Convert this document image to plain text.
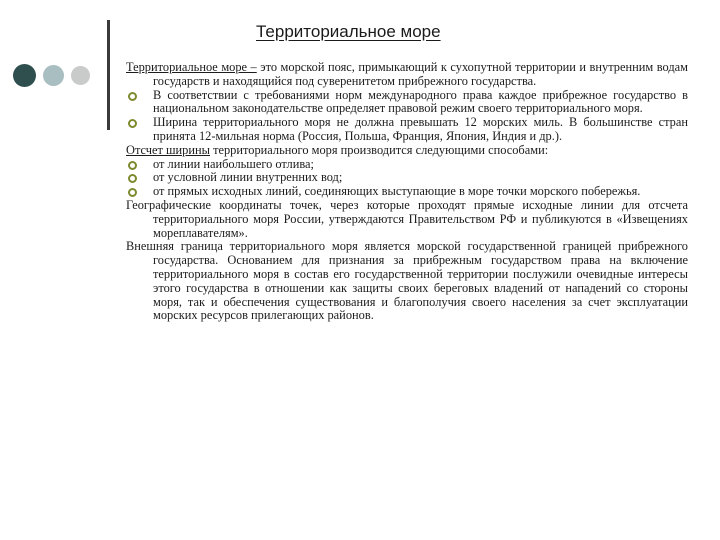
Территориальное море

Территориальное море – это морской пояс, примыкающий к сухопутной территории и внутренним водам государств и находящийся под суверенитетом прибрежного государства.

В соответствии с требованиями норм международного права каждое прибрежное государство в национальном законодательстве определяет правовой режим своего территориального моря.

Ширина территориального моря не должна превышать 12 морских миль. В большинстве стран принята 12-мильная норма (Россия, Польша, Франция, Япония, Индия и др.).

Отсчет ширины территориального моря производится следующими способами:

от линии наибольшего отлива;

от условной линии внутренних вод;

от прямых исходных линий, соединяющих выступающие в море точки морского побережья.

Географические координаты точек, через которые проходят прямые исходные линии для отсчета территориального моря России, утверждаются Правительством РФ и публикуются в «Извещениях мореплавателям».

Внешняя граница территориального моря является морской государственной границей прибрежного государства. Основанием для признания за прибрежным государством права на включение территориального моря в состав его государственной территории послужили очевидные интересы этого государства в отношении как защиты своих береговых владений от нападений со стороны моря, так и обеспечения существования и благополучия своего населения за счет эксплуатации морских ресурсов прилегающих районов.
